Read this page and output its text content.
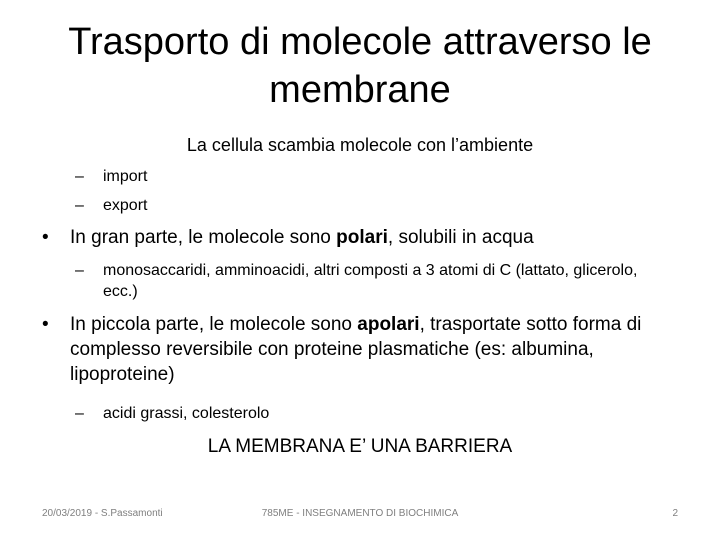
Trasporto di molecole attraverso le membrane
La cellula scambia molecole con l’ambiente
–	import
–	export
•	In gran parte, le molecole sono polari, solubili in acqua
–	monosaccaridi, amminoacidi, altri composti a 3 atomi di C (lattato, glicerolo, ecc.)
•	In piccola parte, le molecole sono apolari, trasportate sotto forma di complesso reversibile con proteine plasmatiche (es: albumina, lipoproteine)
–	acidi grassi, colesterolo
LA MEMBRANA E’ UNA BARRIERA
20/03/2019 - S.Passamonti	785ME - INSEGNAMENTO DI BIOCHIMICA	2
